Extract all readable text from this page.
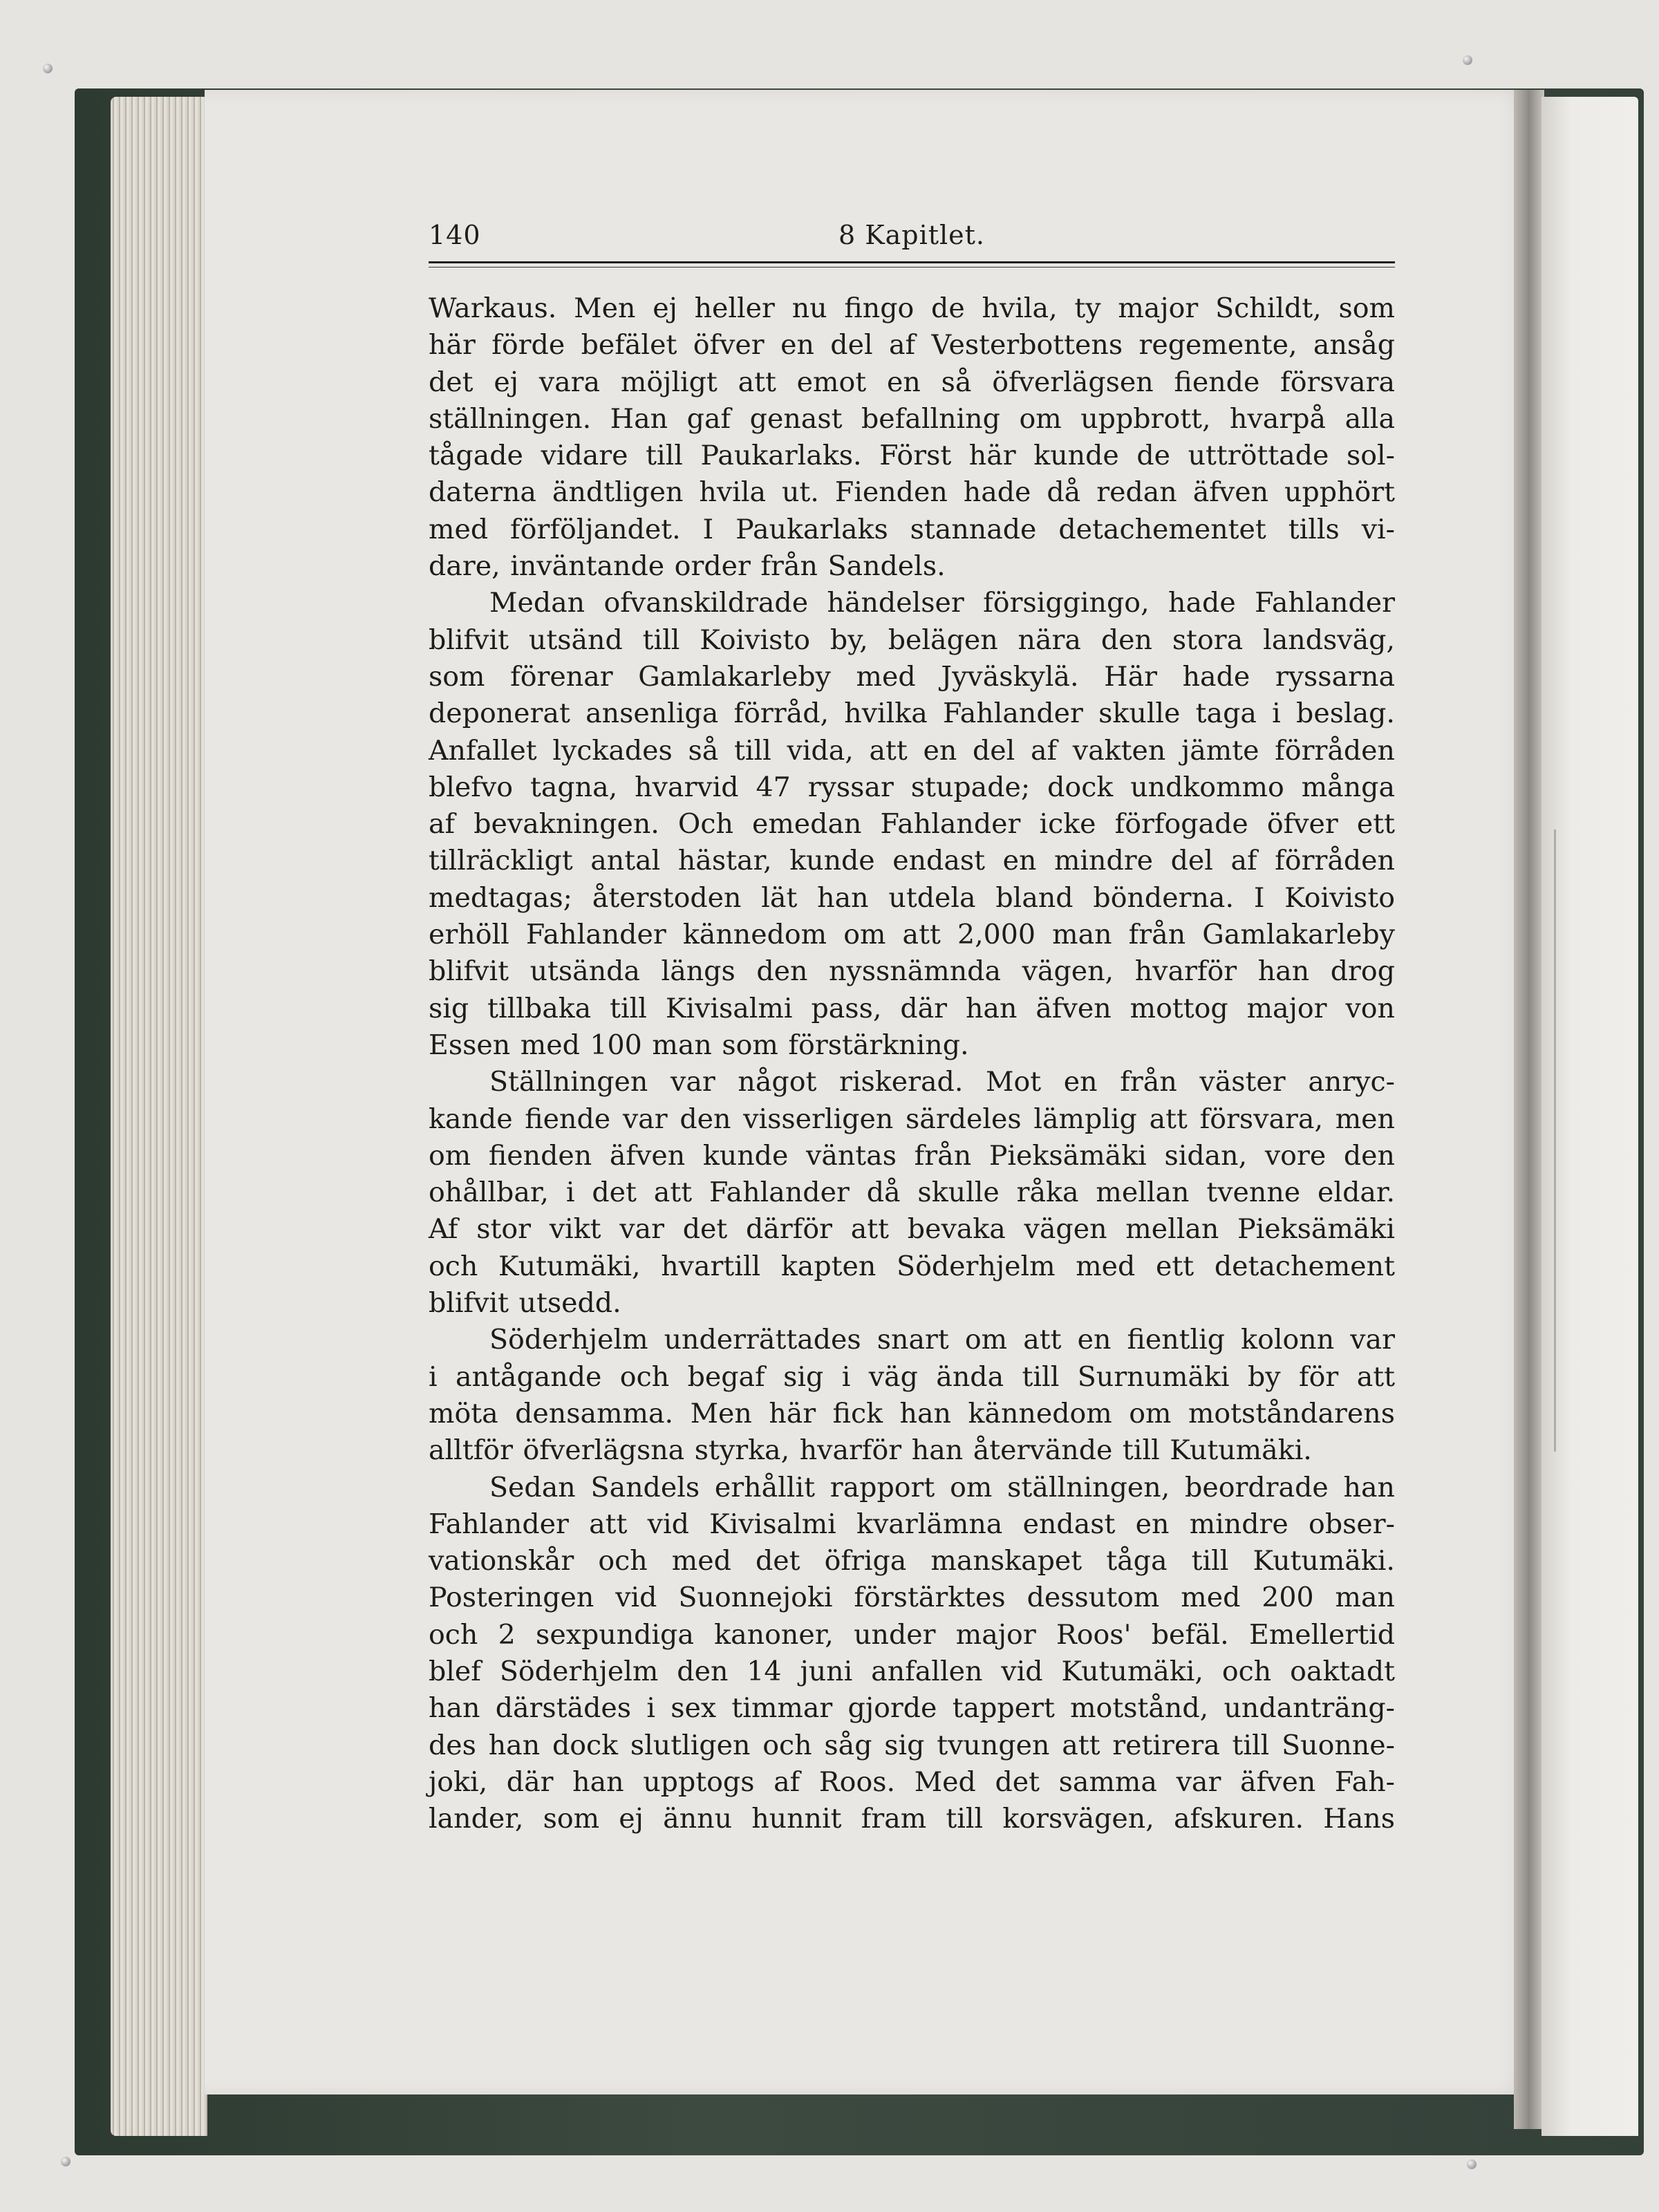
140	8 Kapitlet.

Warkaus. Men ej heller nu fingo de hvila, ty major Schildt, som
här förde befälet öfver en del af Vesterbottens regemente, ansåg
det ej vara möjligt att emot en så öfverlägsen fiende försvara
ställningen. Han gaf genast befallning om uppbrott, hvarpå alla
tågade vidare till Paukarlaks. Först här kunde de uttröttade sol-
daterna ändtligen hvila ut. Fienden hade då redan äfven upphört
med förföljandet. I Paukarlaks stannade detachementet tills vi-
dare, inväntande order från Sandels.

Medan ofvanskildrade händelser försiggingo, hade Fahlander
blifvit utsänd till Koivisto by, belägen nära den stora landsväg,
som förenar Gamlakarleby med Jyväskylä. Här hade ryssarna
deponerat ansenliga förråd, hvilka Fahlander skulle taga i beslag.
Anfallet lyckades så till vida, att en del af vakten jämte förråden
blefvo tagna, hvarvid 47 ryssar stupade; dock undkommo många
af bevakningen. Och emedan Fahlander icke förfogade öfver ett
tillräckligt antal hästar, kunde endast en mindre del af förråden
medtagas; återstoden lät han utdela bland bönderna. I Koivisto
erhöll Fahlander kännedom om att 2,000 man från Gamlakarleby
blifvit utsända längs den nyssnämnda vägen, hvarför han drog
sig tillbaka till Kivisalmi pass, där han äfven mottog major von
Essen med 100 man som förstärkning.

Ställningen var något riskerad. Mot en från väster anryc-
kande fiende var den visserligen särdeles lämplig att försvara, men
om fienden äfven kunde väntas från Pieksämäki sidan, vore den
ohållbar, i det att Fahlander då skulle råka mellan tvenne eldar.
Af stor vikt var det därför att bevaka vägen mellan Pieksämäki
och Kutumäki, hvartill kapten Söderhjelm med ett detachement
blifvit utsedd.

Söderhjelm underrättades snart om att en fientlig kolonn var
i antågande och begaf sig i väg ända till Surnumäki by för att
möta densamma. Men här fick han kännedom om motståndarens
alltför öfverlägsna styrka, hvarför han återvände till Kutumäki.

Sedan Sandels erhållit rapport om ställningen, beordrade han
Fahlander att vid Kivisalmi kvarlämna endast en mindre obser-
vationskår och med det öfriga manskapet tåga till Kutumäki.
Posteringen vid Suonnejoki förstärktes dessutom med 200 man
och 2 sexpundiga kanoner, under major Roos' befäl. Emellertid
blef Söderhjelm den 14 juni anfallen vid Kutumäki, och oaktadt
han därstädes i sex timmar gjorde tappert motstånd, undanträng-
des han dock slutligen och såg sig tvungen att retirera till Suonne-
joki, där han upptogs af Roos. Med det samma var äfven Fah-
lander, som ej ännu hunnit fram till korsvägen, afskuren. Hans
